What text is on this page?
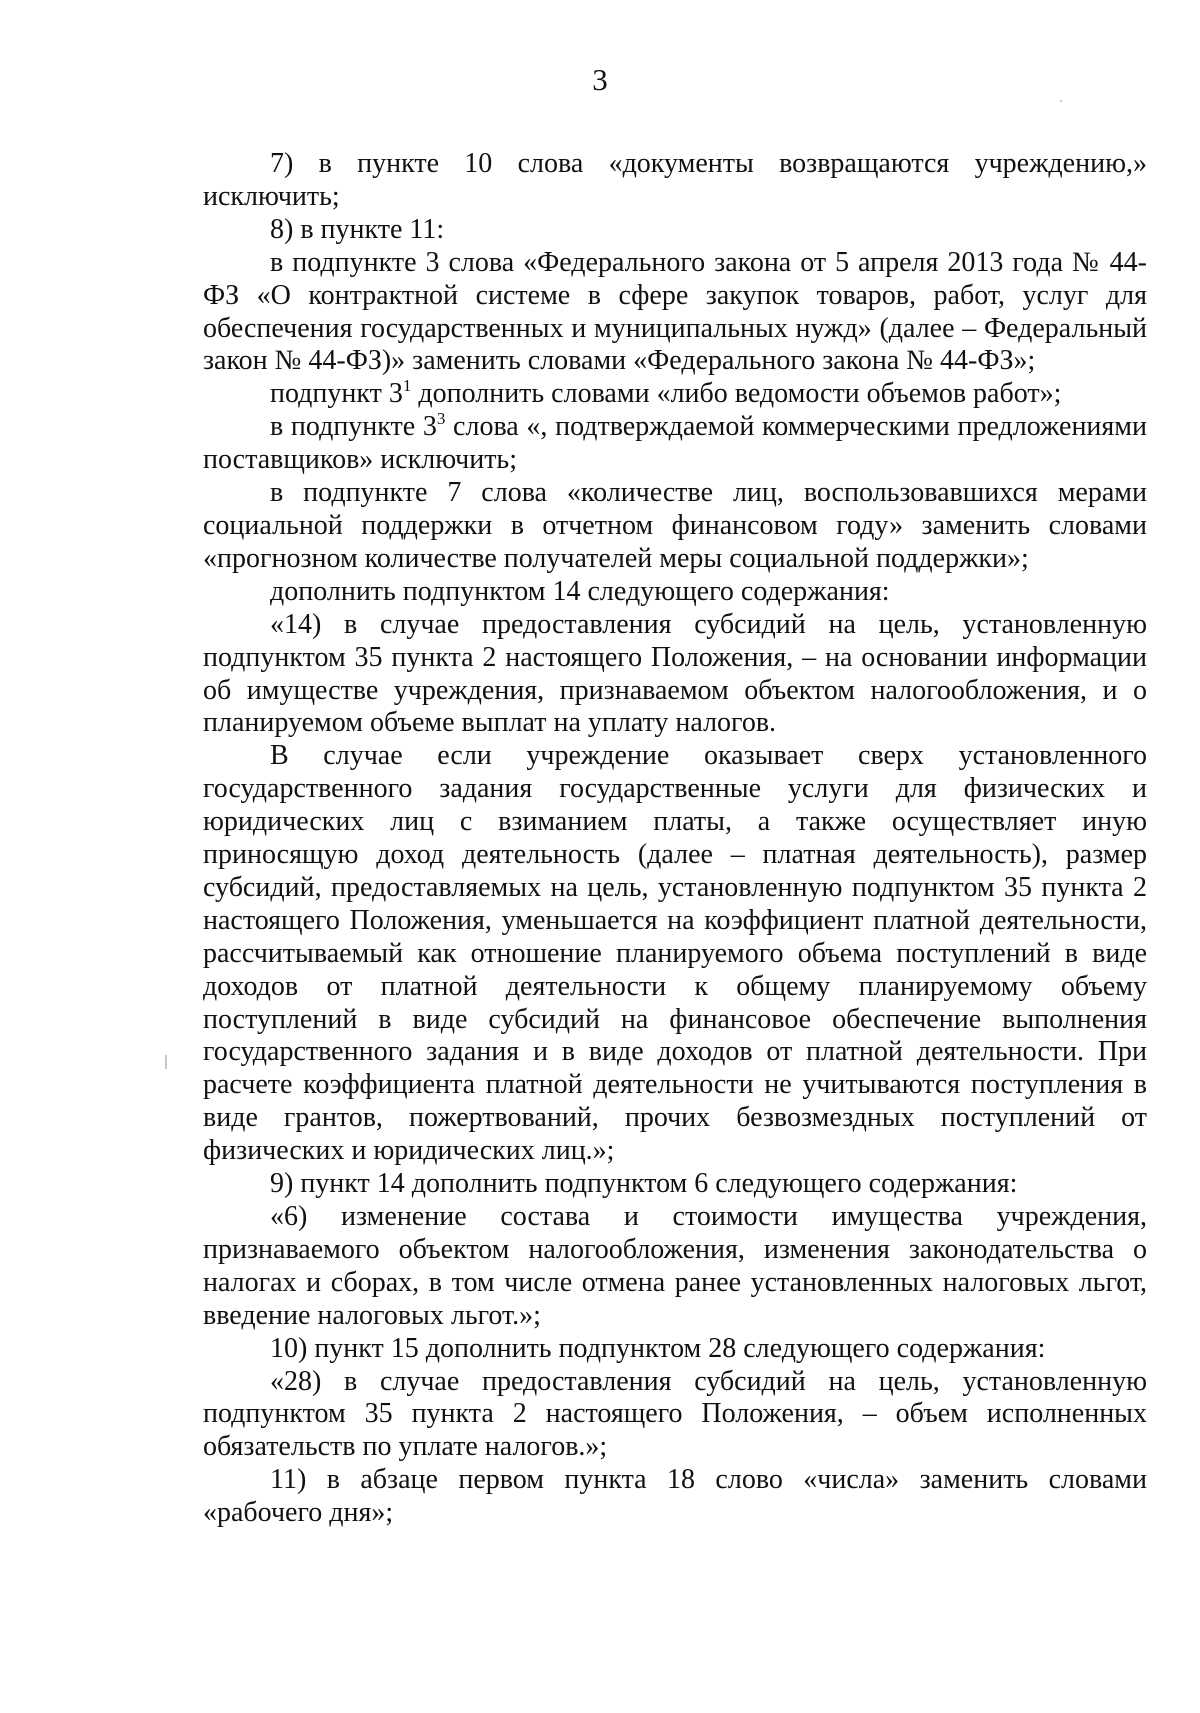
3

7) в пункте 10 слова «документы возвращаются учреждению,» исключить;

8) в пункте 11:

в подпункте 3 слова «Федерального закона от 5 апреля 2013 года № 44-ФЗ «О контрактной системе в сфере закупок товаров, работ, услуг для обеспечения государственных и муниципальных нужд» (далее – Федеральный закон № 44-ФЗ)» заменить словами «Федерального закона № 44-ФЗ»;

подпункт $3^1$ дополнить словами «либо ведомости объемов работ»;

в подпункте $3^3$ слова «, подтверждаемой коммерческими предложениями поставщиков» исключить;

в подпункте 7 слова «количестве лиц, воспользовавшихся мерами социальной поддержки в отчетном финансовом году» заменить словами «прогнозном количестве получателей меры социальной поддержки»;

дополнить подпунктом 14 следующего содержания:

«14) в случае предоставления субсидий на цель, установленную подпунктом 35 пункта 2 настоящего Положения, – на основании информации об имуществе учреждения, признаваемом объектом налогообложения, и о планируемом объеме выплат на уплату налогов.

В случае если учреждение оказывает сверх установленного государственного задания государственные услуги для физических и юридических лиц с взиманием платы, а также осуществляет иную приносящую доход деятельность (далее – платная деятельность), размер субсидий, предоставляемых на цель, установленную подпунктом 35 пункта 2 настоящего Положения, уменьшается на коэффициент платной деятельности, рассчитываемый как отношение планируемого объема поступлений в виде доходов от платной деятельности к общему планируемому объему поступлений в виде субсидий на финансовое обеспечение выполнения государственного задания и в виде доходов от платной деятельности. При расчете коэффициента платной деятельности не учитываются поступления в виде грантов, пожертвований, прочих безвозмездных поступлений от физических и юридических лиц.»;

9) пункт 14 дополнить подпунктом 6 следующего содержания:

«6) изменение состава и стоимости имущества учреждения, признаваемого объектом налогообложения, изменения законодательства о налогах и сборах, в том числе отмена ранее установленных налоговых льгот, введение налоговых льгот.»;

10) пункт 15 дополнить подпунктом 28 следующего содержания:

«28) в случае предоставления субсидий на цель, установленную подпунктом 35 пункта 2 настоящего Положения, – объем исполненных обязательств по уплате налогов.»;

11) в абзаце первом пункта 18 слово «числа» заменить словами «рабочего дня»;
